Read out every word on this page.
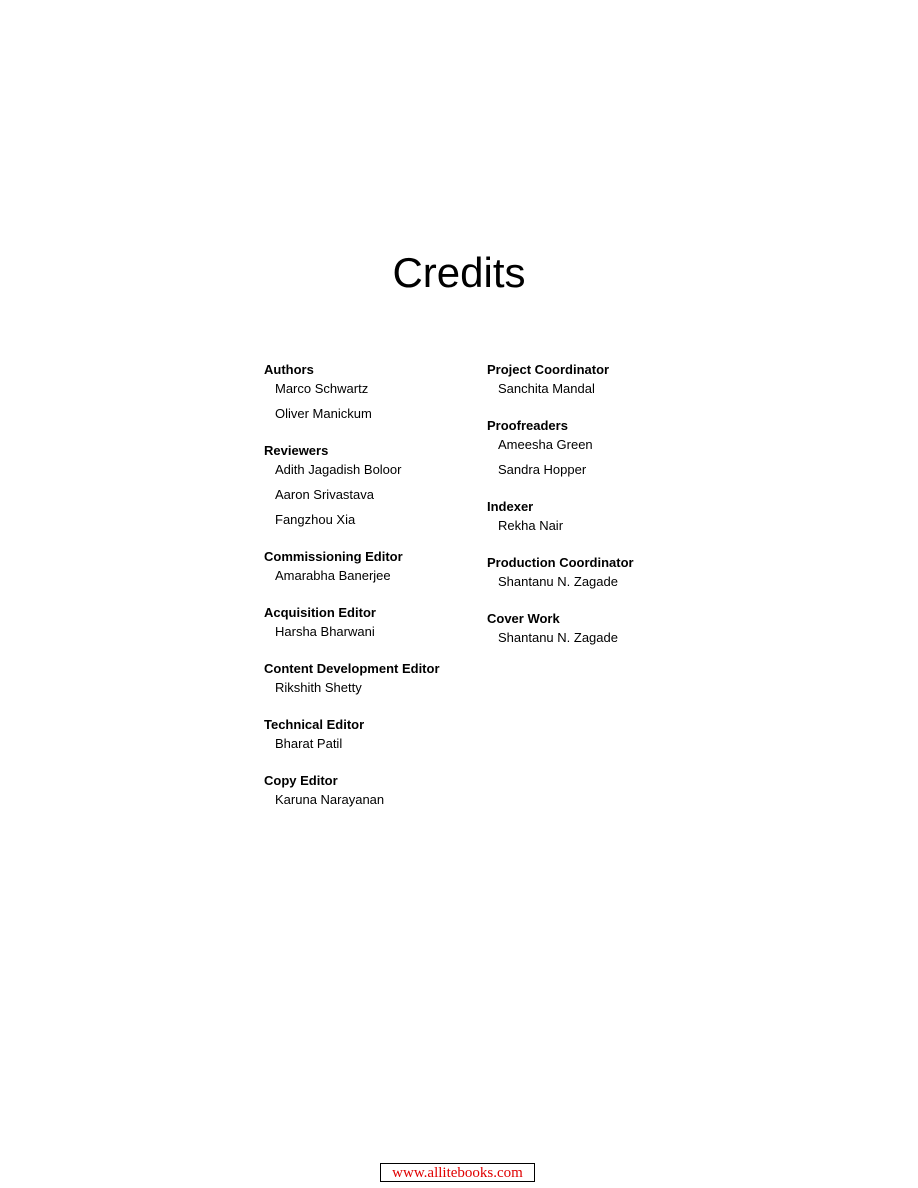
Credits
Authors
Marco Schwartz
Oliver Manickum
Reviewers
Adith Jagadish Boloor
Aaron Srivastava
Fangzhou Xia
Commissioning Editor
Amarabha Banerjee
Acquisition Editor
Harsha Bharwani
Content Development Editor
Rikshith Shetty
Technical Editor
Bharat Patil
Copy Editor
Karuna Narayanan
Project Coordinator
Sanchita Mandal
Proofreaders
Ameesha Green
Sandra Hopper
Indexer
Rekha Nair
Production Coordinator
Shantanu N. Zagade
Cover Work
Shantanu N. Zagade
www.allitebooks.com
